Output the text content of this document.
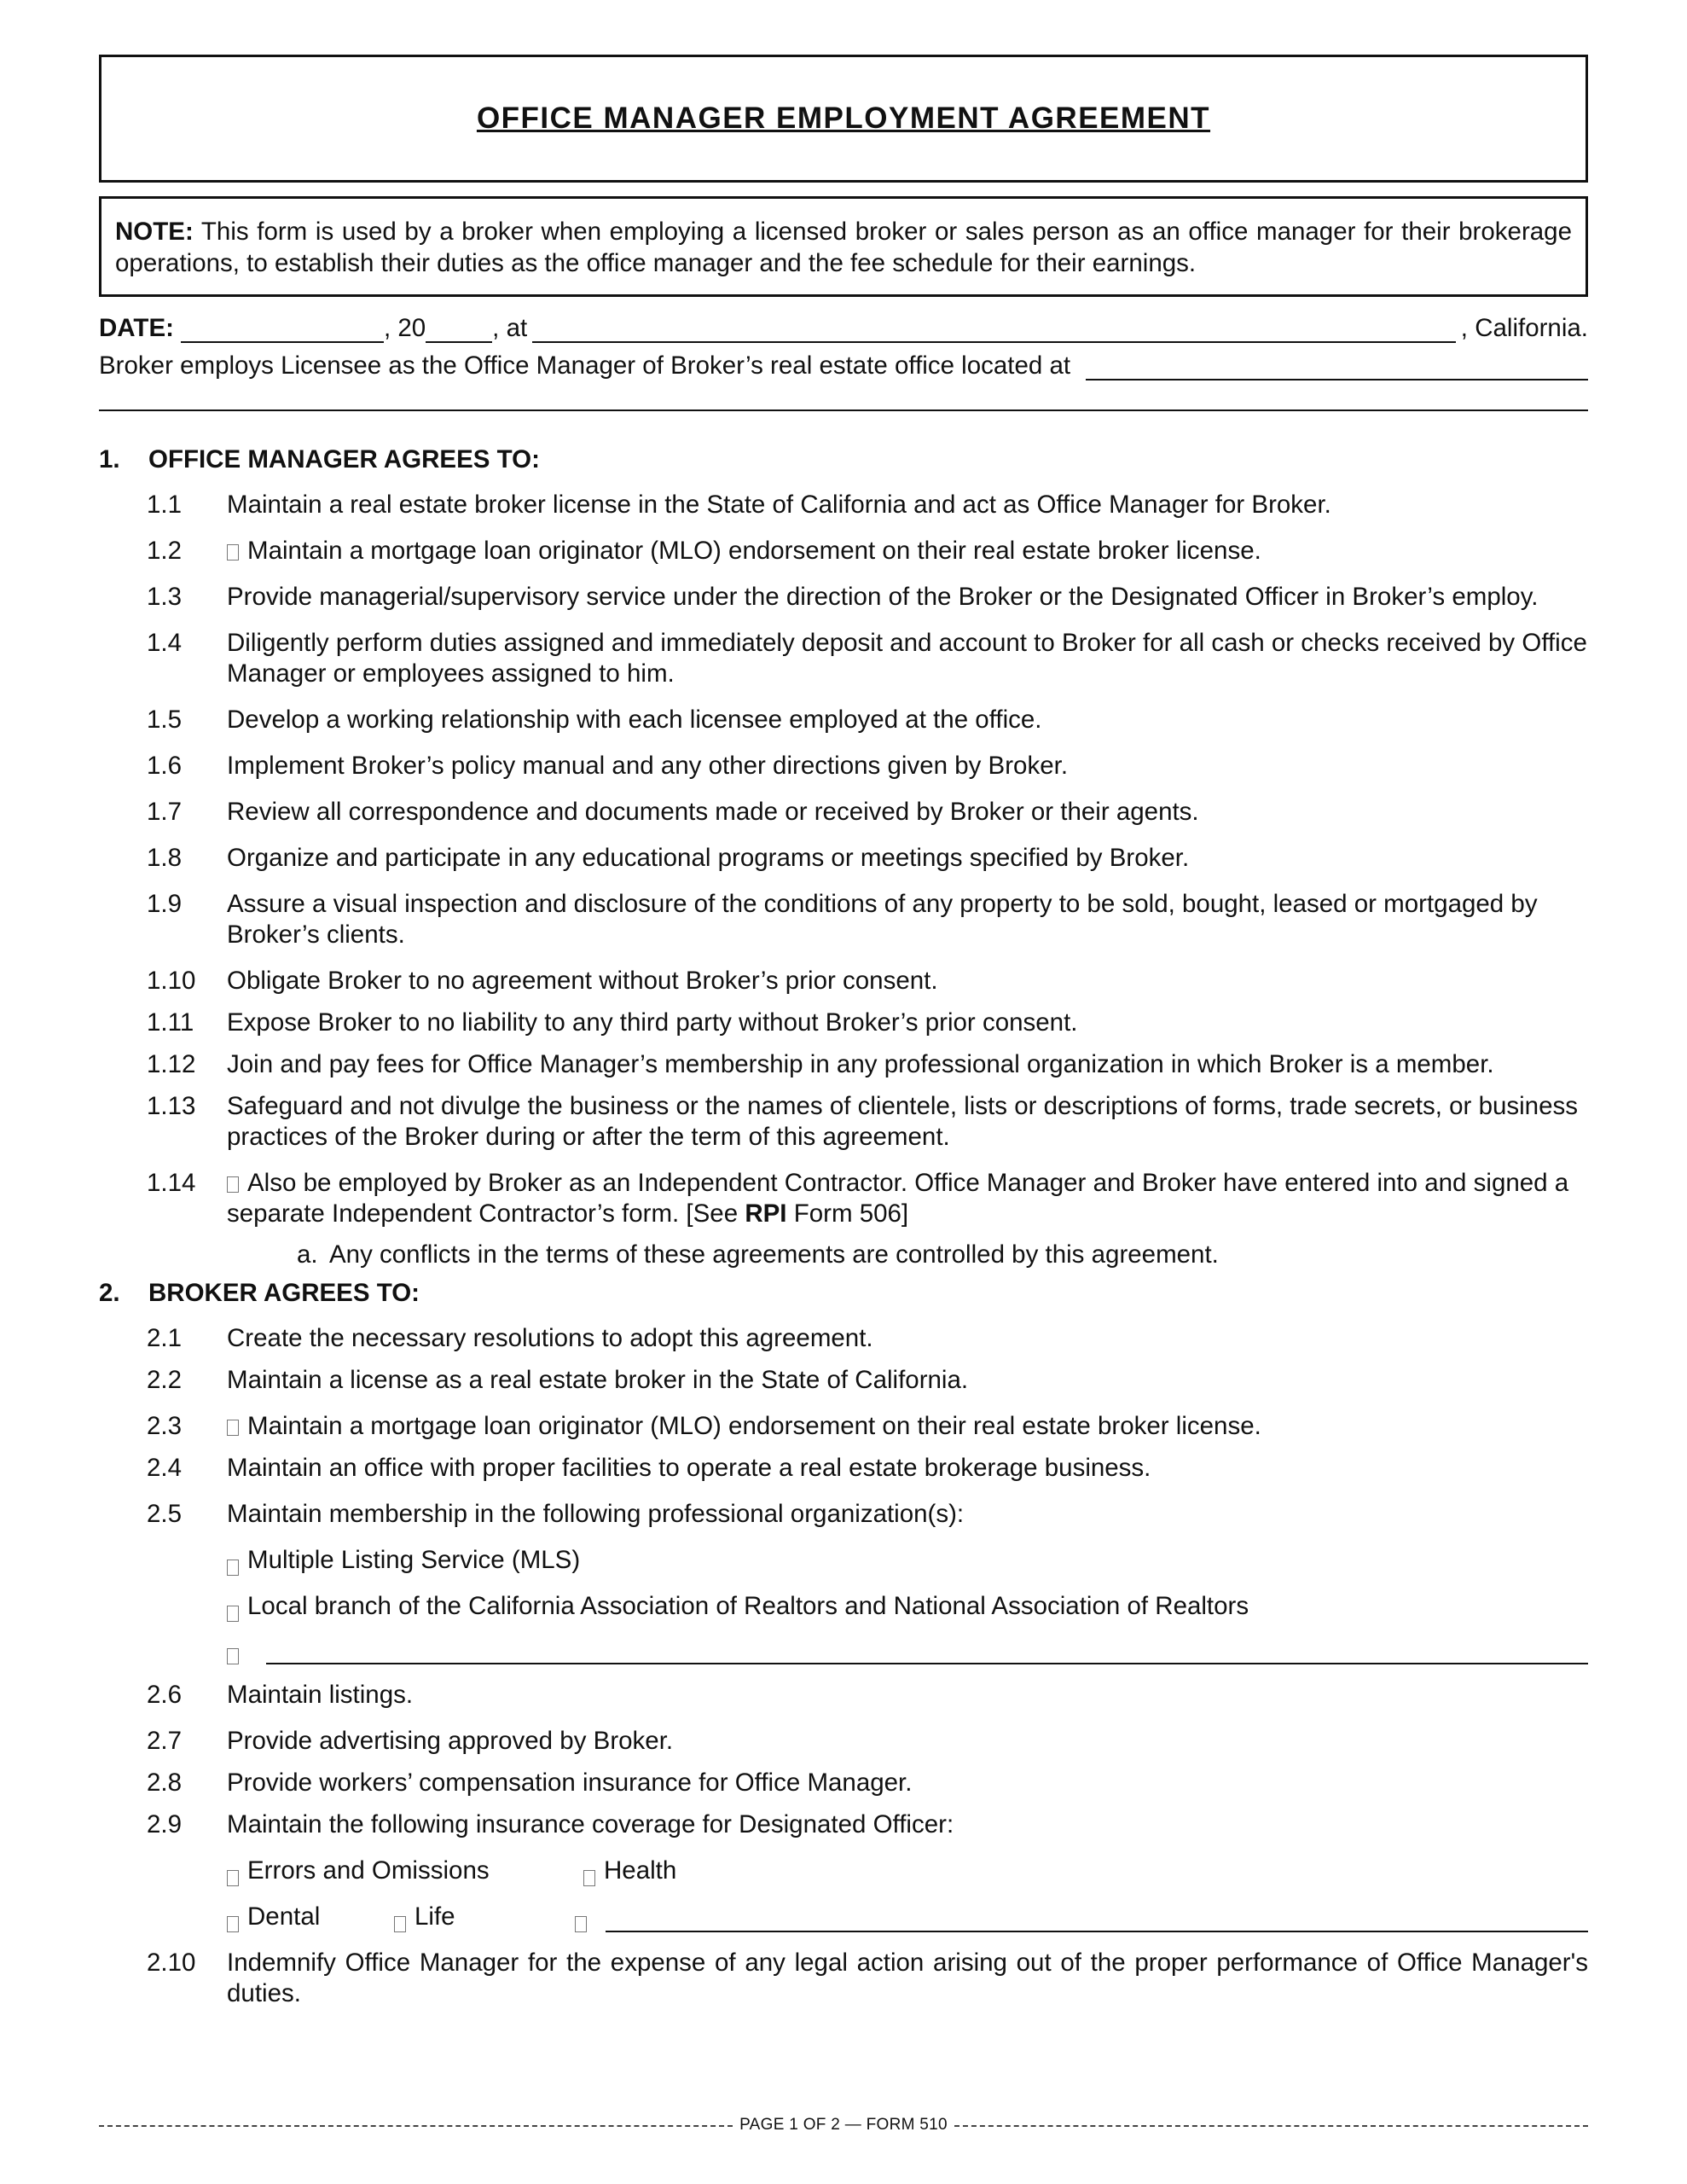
OFFICE MANAGER EMPLOYMENT AGREEMENT
NOTE: This form is used by a broker when employing a licensed broker or sales person as an office manager for their brokerage operations, to establish their duties as the office manager and the fee schedule for their earnings.
DATE:	, 20	, at	, California.
Broker employs Licensee as the Office Manager of Broker’s real estate office located at
1.	OFFICE MANAGER AGREES TO:
1.1	Maintain a real estate broker license in the State of California and act as Office Manager for Broker.
1.2	Maintain a mortgage loan originator (MLO) endorsement on their real estate broker license.
1.3	Provide managerial/supervisory service under the direction of the Broker or the Designated Officer in Broker’s employ.
1.4	Diligently perform duties assigned and immediately deposit and account to Broker for all cash or checks received by Office Manager or employees assigned to him.
1.5	Develop a working relationship with each licensee employed at the office.
1.6	Implement Broker’s policy manual and any other directions given by Broker.
1.7	Review all correspondence and documents made or received by Broker or their agents.
1.8	Organize and participate in any educational programs or meetings specified by Broker.
1.9	Assure a visual inspection and disclosure of the conditions of any property to be sold, bought, leased or mortgaged by Broker’s clients.
1.10	Obligate Broker to no agreement without Broker’s prior consent.
1.11	Expose Broker to no liability to any third party without Broker’s prior consent.
1.12	Join and pay fees for Office Manager’s membership in any professional organization in which Broker is a member.
1.13	Safeguard and not divulge the business or the names of clientele, lists or descriptions of forms, trade secrets, or business practices of the Broker during or after the term of this agreement.
1.14	Also be employed by Broker as an Independent Contractor. Office Manager and Broker have entered into and signed a separate Independent Contractor’s form. [See RPI Form 506]
a. Any conflicts in the terms of these agreements are controlled by this agreement.
2.	BROKER AGREES TO:
2.1	Create the necessary resolutions to adopt this agreement.
2.2	Maintain a license as a real estate broker in the State of California.
2.3	Maintain a mortgage loan originator (MLO) endorsement on their real estate broker license.
2.4	Maintain an office with proper facilities to operate a real estate brokerage business.
2.5	Maintain membership in the following professional organization(s):
Multiple Listing Service (MLS)
Local branch of the California Association of Realtors and National Association of Realtors
2.6	Maintain listings.
2.7	Provide advertising approved by Broker.
2.8	Provide workers’ compensation insurance for Office Manager.
2.9	Maintain the following insurance coverage for Designated Officer:
Errors and Omissions	Health
Dental	Life
2.10	Indemnify Office Manager for the expense of any legal action arising out of the proper performance of Office Manager's duties.
PAGE 1 OF 2 — FORM 510
